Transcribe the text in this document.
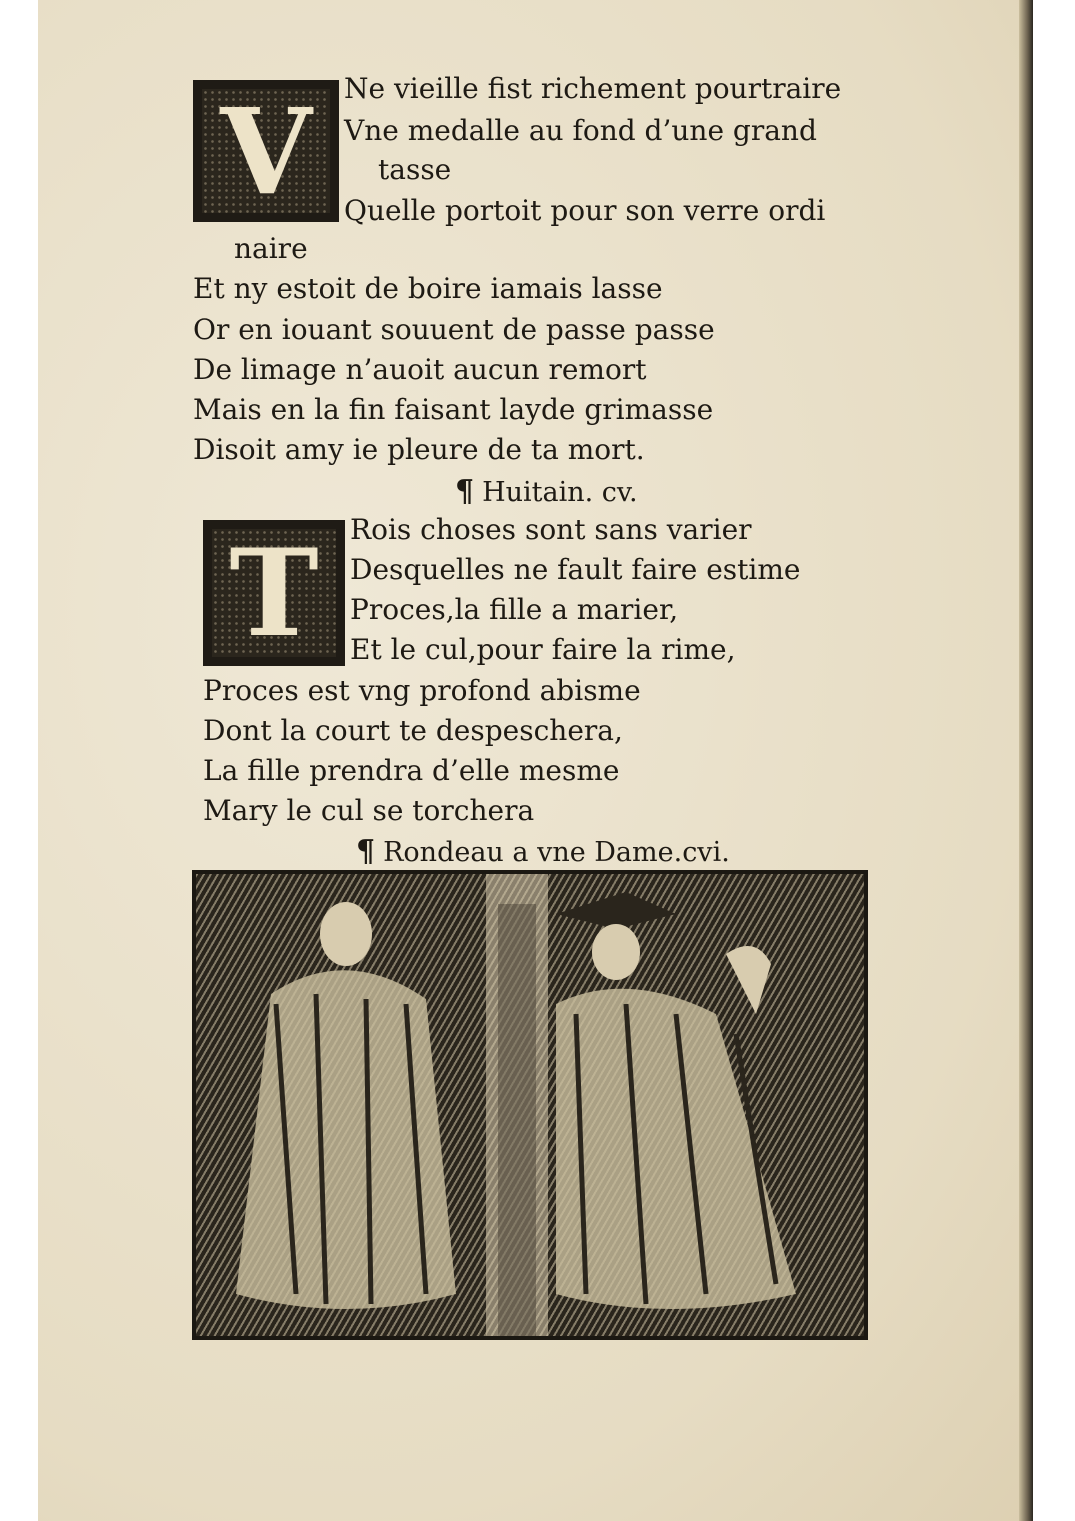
V	Ne vieille fist richement pourtraire
Vne medalle au fond d’une grand
tasse
Quelle portoit pour son verre ordi
naire
Et ny estoit de boire iamais lasse
Or en iouant souuent de passe passe
De limage n’auoit aucun remort
Mais en la fin faisant layde grimasse
Disoit amy ie pleure de ta mort.
¶ Huitain. cv.
T	Rois choses sont sans varier
Desquelles ne fault faire estime
Proces,la fille a marier,
Et le cul,pour faire la rime,
Proces est vng profond abisme
Dont la court te despeschera,
La fille prendra d’elle mesme
Mary le cul se torchera
¶ Rondeau a vne Dame.cvi.
